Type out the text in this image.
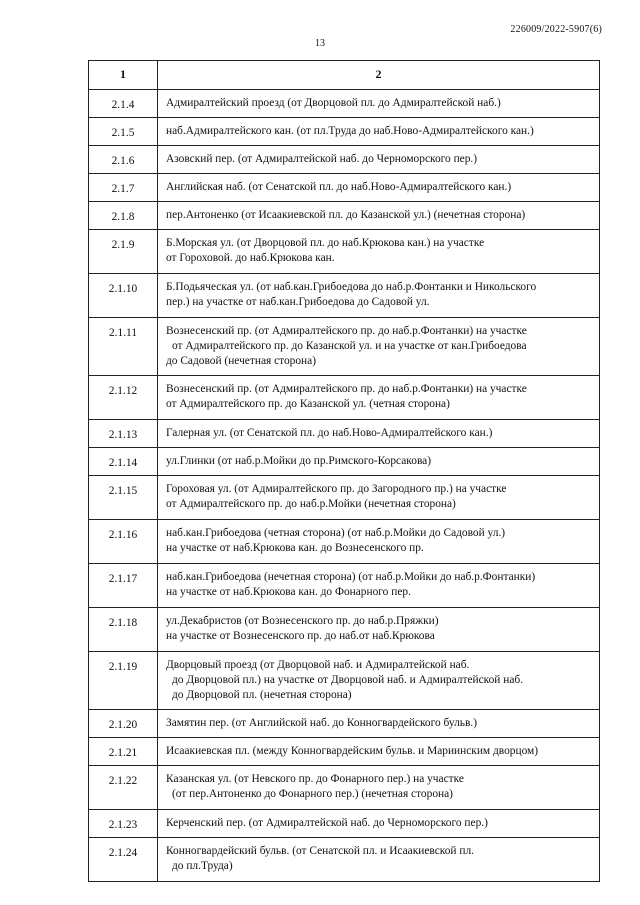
226009/2022-5907(6)
13
1	2
2.1.4	Адмиралтейский проезд (от Дворцовой пл. до Адмиралтейской наб.)

2.1.5	наб.Адмиралтейского кан. (от пл.Труда до наб.Ново-Адмиралтейского кан.)

2.1.6	Азовский пер. (от Адмиралтейской наб. до Черноморского пер.)

2.1.7	Английская наб. (от Сенатской пл. до наб.Ново-Адмиралтейского кан.)

2.1.8	пер.Антоненко (от Исаакиевской пл. до Казанской ул.) (нечетная сторона)

2.1.9	Б.Морская ул. (от Дворцовой пл. до наб.Крюкова кан.) на участке
от Гороховой. до наб.Крюкова кан.

2.1.10	Б.Подьяческая ул. (от наб.кан.Грибоедова до наб.р.Фонтанки и Никольского
пер.) на участке от наб.кан.Грибоедова до Садовой ул.

2.1.11	Вознесенский пр. (от Адмиралтейского пр. до наб.р.Фонтанки) на участке
от Адмиралтейского пр. до Казанской ул. и на участке от кан.Грибоедова
до Садовой (нечетная сторона)

2.1.12	Вознесенский пр. (от Адмиралтейского пр. до наб.р.Фонтанки) на участке
от Адмиралтейского пр. до Казанской ул. (четная сторона)

2.1.13	Галерная ул. (от Сенатской пл. до наб.Ново-Адмиралтейского кан.)

2.1.14	ул.Глинки (от наб.р.Мойки до пр.Римского-Корсакова)

2.1.15	Гороховая ул. (от Адмиралтейского пр. до Загородного пр.) на участке
от Адмиралтейского пр. до наб.р.Мойки (нечетная сторона)

2.1.16	наб.кан.Грибоедова (четная сторона) (от наб.р.Мойки до Садовой ул.)
на участке от наб.Крюкова кан. до Вознесенского пр.

2.1.17	наб.кан.Грибоедова (нечетная сторона) (от наб.р.Мойки до наб.р.Фонтанки)
на участке от наб.Крюкова кан. до Фонарного пер.

2.1.18	ул.Декабристов (от Вознесенского пр. до наб.р.Пряжки)
на участке от Вознесенского пр. до наб.от наб.Крюкова

2.1.19	Дворцовый проезд (от Дворцовой наб. и Адмиралтейской наб.
до Дворцовой пл.) на участке от Дворцовой наб. и Адмиралтейской наб.
до Дворцовой пл. (нечетная сторона)

2.1.20	Замятин пер. (от Английской наб. до Конногвардейского бульв.)

2.1.21	Исаакиевская пл. (между Конногвардейским бульв. и Мариинским дворцом)

2.1.22	Казанская ул. (от Невского пр. до Фонарного пер.) на участке
(от пер.Антоненко до Фонарного пер.) (нечетная сторона)

2.1.23	Керченский пер. (от Адмиралтейской наб. до Черноморского пер.)

2.1.24	Конногвардейский бульв. (от Сенатской пл. и Исаакиевской пл.
до пл.Труда)
